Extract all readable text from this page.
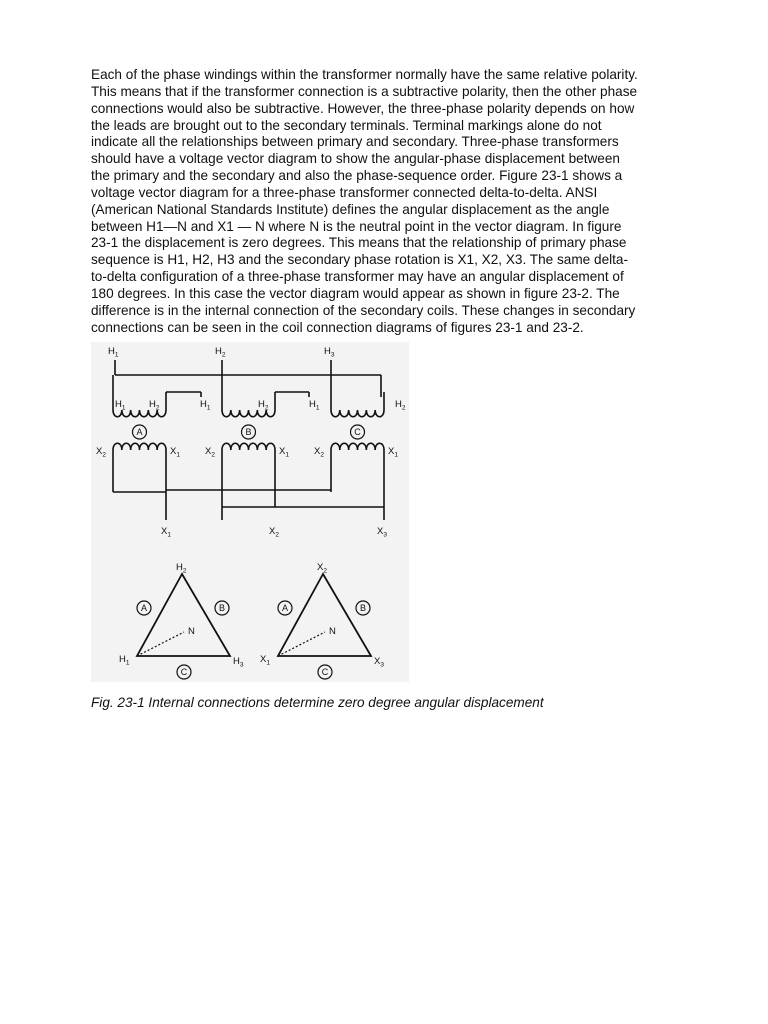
Each of the phase windings within the transformer normally have the same relative polarity.
This means that if the transformer connection is a subtractive polarity, then the other phase
connections would also be subtractive. However, the three-phase polarity depends on how
the leads are brought out to the secondary terminals. Terminal markings alone do not
indicate all the relationships between primary and secondary. Three-phase transformers
should have a voltage vector diagram to show the angular-phase displacement between
the primary and the secondary and also the phase-sequence order. Figure 23-1 shows a
voltage vector diagram for a three-phase transformer connected delta-to-delta. ANSI
(American National Standards Institute) defines the angular displacement as the angle
between H1—N and X1 — N where N is the neutral point in the vector diagram. In figure
23-1 the displacement is zero degrees. This means that the relationship of primary phase
sequence is H1, H2, H3 and the secondary phase rotation is X1, X2, X3. The same delta-
to-delta configuration of a three-phase transformer may have an angular displacement of
180 degrees. In this case the vector diagram would appear as shown in figure 23-2. The
difference is in the internal connection of the secondary coils. These changes in secondary
connections can be seen in the coil connection diagrams of figures 23-1 and 23-2.

$H_1$	$H_2$	$H_3$
$H_1$ $H_2$
A
$X_2$	$X_1$
$H_1$	$H_2$
B
$X_2$	$X_1$
$H_1$	$H_2$
C
$X_2$	$X_1$
$X_1$	$X_2$	$X_3$
N
$H_2$
$H_1$	$H_3$
A	B
C
N
$X_2$
$X_1$	$X_3$
A	B
C

Fig. 23-1 Internal connections determine zero degree angular displacement
